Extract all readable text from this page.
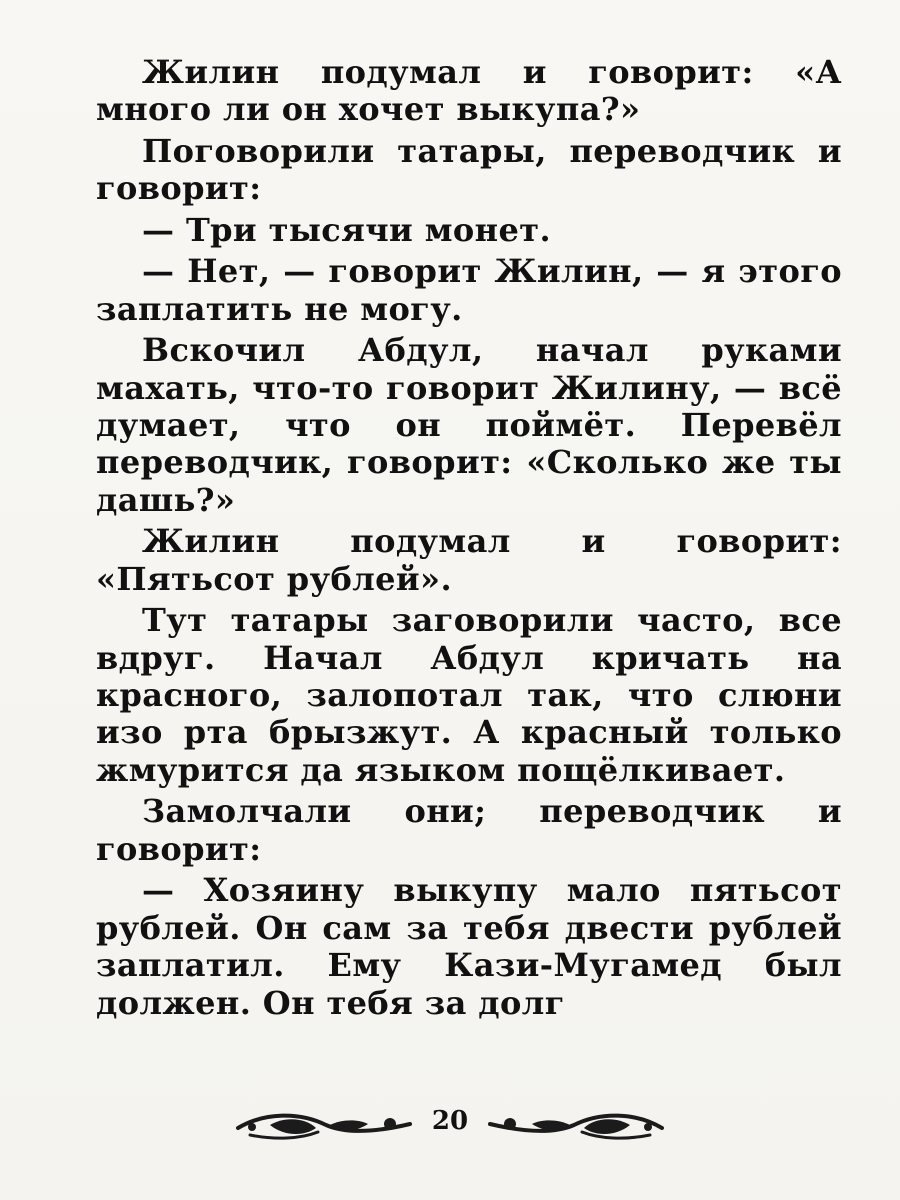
Жилин подумал и говорит: «А много ли он хочет выкупа?»

Поговорили татары, переводчик и говорит:

— Три тысячи монет.

— Нет, — говорит Жилин, — я этого заплатить не могу.

Вскочил Абдул, начал руками махать, что-то говорит Жилину, — всё думает, что он поймёт. Перевёл переводчик, говорит: «Сколько же ты дашь?»

Жилин подумал и говорит: «Пятьсот рублей».

Тут татары заговорили часто, все вдруг. Начал Абдул кричать на красного, залопотал так, что слюни изо рта брызжут. А красный только жмурится да языком пощёлкивает.

Замолчали они; переводчик и говорит:

— Хозяину выкупу мало пятьсот рублей. Он сам за тебя двести рублей заплатил. Ему Кази-Мугамед был должен. Он тебя за долг

20
